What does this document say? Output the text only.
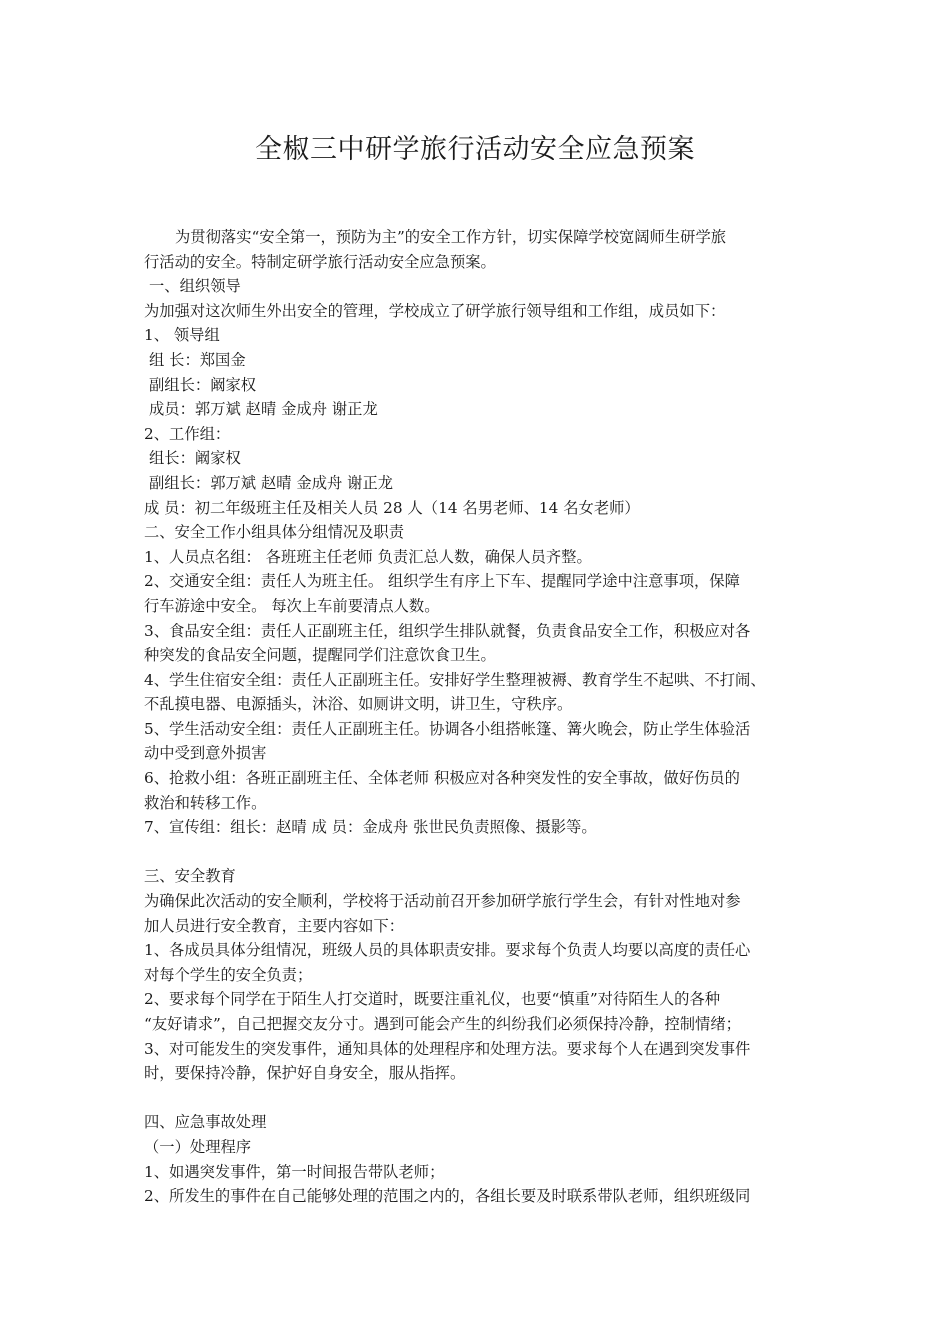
全椒三中研学旅行活动安全应急预案

为贯彻落实“安全第一，预防为主”的安全工作方针，切实保障学校宽阔师生研学旅

行活动的安全。特制定研学旅行活动安全应急预案。

一、组织领导

为加强对这次师生外出安全的管理，学校成立了研学旅行领导组和工作组，成员如下：

1、 领导组

组 长：郑国金

副组长：阚家权

成员：郭万斌 赵晴 金成舟 谢正龙

2、工作组：

组长：阚家权

副组长：郭万斌 赵晴 金成舟 谢正龙

成 员：初二年级班主任及相关人员 28 人（14 名男老师、14 名女老师）

二、安全工作小组具体分组情况及职责

1、人员点名组： 各班班主任老师 负责汇总人数，确保人员齐整。

2、交通安全组：责任人为班主任。 组织学生有序上下车、提醒同学途中注意事项，保障

行车游途中安全。 每次上车前要清点人数。

3、食品安全组：责任人正副班主任，组织学生排队就餐，负责食品安全工作，积极应对各

种突发的食品安全问题，提醒同学们注意饮食卫生。

4、学生住宿安全组：责任人正副班主任。安排好学生整理被褥、教育学生不起哄、不打闹、

不乱摸电器、电源插头，沐浴、如厕讲文明，讲卫生，守秩序。

5、学生活动安全组：责任人正副班主任。协调各小组搭帐篷、篝火晚会，防止学生体验活

动中受到意外损害

6、抢救小组：各班正副班主任、全体老师 积极应对各种突发性的安全事故，做好伤员的

救治和转移工作。

7、宣传组：组长：赵晴 成 员：金成舟 张世民负责照像、摄影等。

三、安全教育

为确保此次活动的安全顺利，学校将于活动前召开参加研学旅行学生会，有针对性地对参

加人员进行安全教育，主要内容如下：

1、各成员具体分组情况，班级人员的具体职责安排。要求每个负责人均要以高度的责任心

对每个学生的安全负责；

2、要求每个同学在于陌生人打交道时，既要注重礼仪，也要“慎重”对待陌生人的各种

“友好请求”，自己把握交友分寸。遇到可能会产生的纠纷我们必须保持冷静，控制情绪；

3、对可能发生的突发事件，通知具体的处理程序和处理方法。要求每个人在遇到突发事件

时，要保持冷静，保护好自身安全，服从指挥。

四、应急事故处理

（一）处理程序

1、如遇突发事件，第一时间报告带队老师；

2、所发生的事件在自己能够处理的范围之内的，各组长要及时联系带队老师，组织班级同
